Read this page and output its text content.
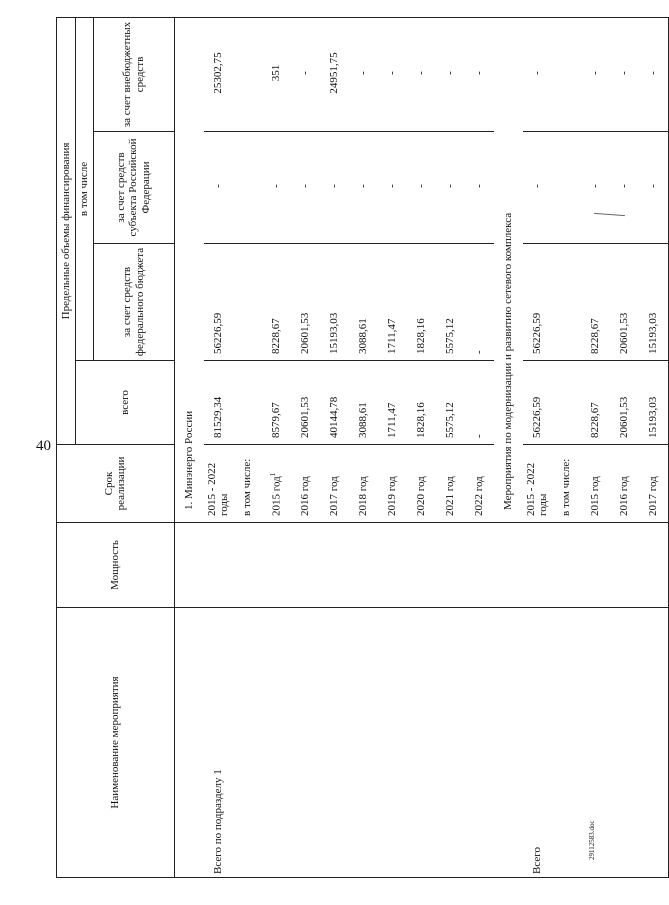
40
29112583.doc
Наименование мероприятия	Мощность	Срок реализации	Предельные объемы финансирования			
			всего	в том числе		
				за счет средств федерального бюджета	за счет средств субъекта Российской Федерации	за счет внебюджетных средств
		1. Минэнерго России				
Всего по подразделу 1		2015 - 2022 годы	81529,34	56226,59	-	25302,75
		в том числе:				
		2015 год$^1$	8579,67	8228,67	-	351
		2016 год	20601,53	20601,53	-	-
		2017 год	40144,78	15193,03	-	24951,75
		2018 год	3088,61	3088,61	-	-
		2019 год	1711,47	1711,47	-	-
		2020 год	1828,16	1828,16	-	-
		2021 год	5575,12	5575,12	-	-
		2022 год	-	-	-	-
		Мероприятия по модернизации и развитию сетевого комплекса				
Всего		2015 - 2022 годы	56226,59	56226,59	-	-
		в том числе:				
		2015 год	8228,67	8228,67	-	-
		2016 год	20601,53	20601,53	-	-
		2017 год	15193,03	15193,03	-	-
